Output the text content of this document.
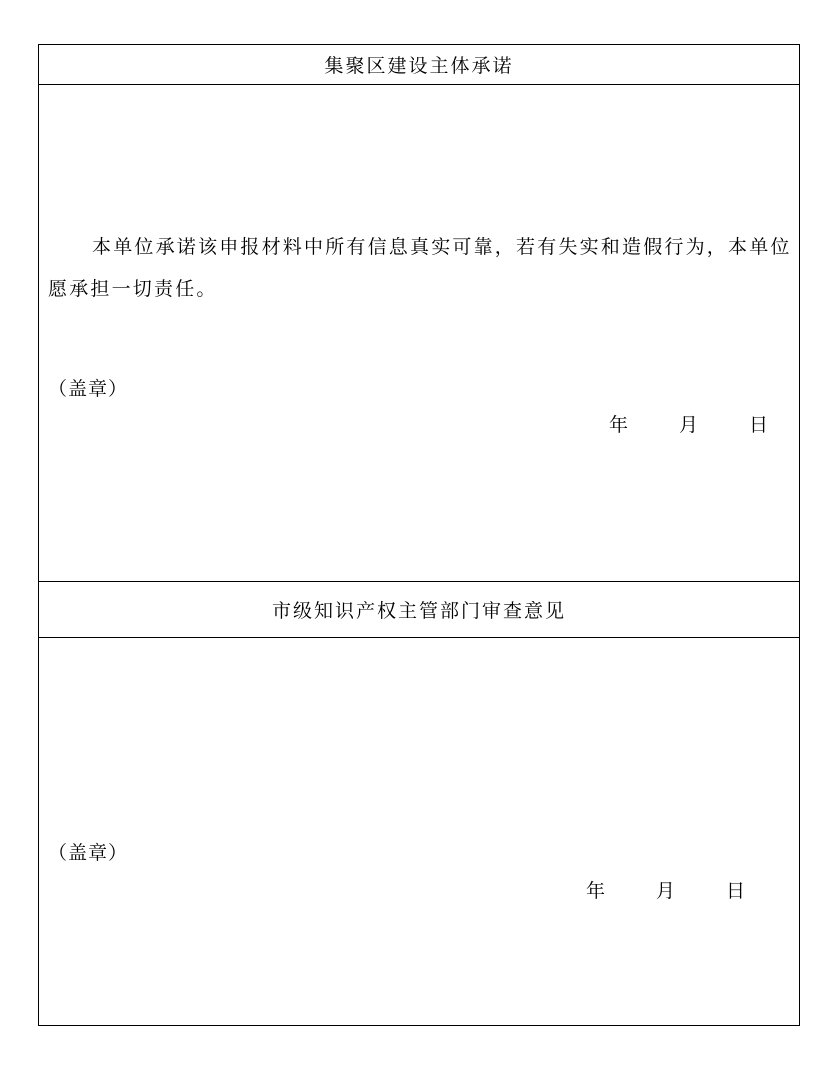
集聚区建设主体承诺

本单位承诺该申报材料中所有信息真实可靠，若有失实和造假行为，本单位愿承担一切责任。

（盖章）
年	月	日
市级知识产权主管部门审查意见
（盖章）
年	月	日
